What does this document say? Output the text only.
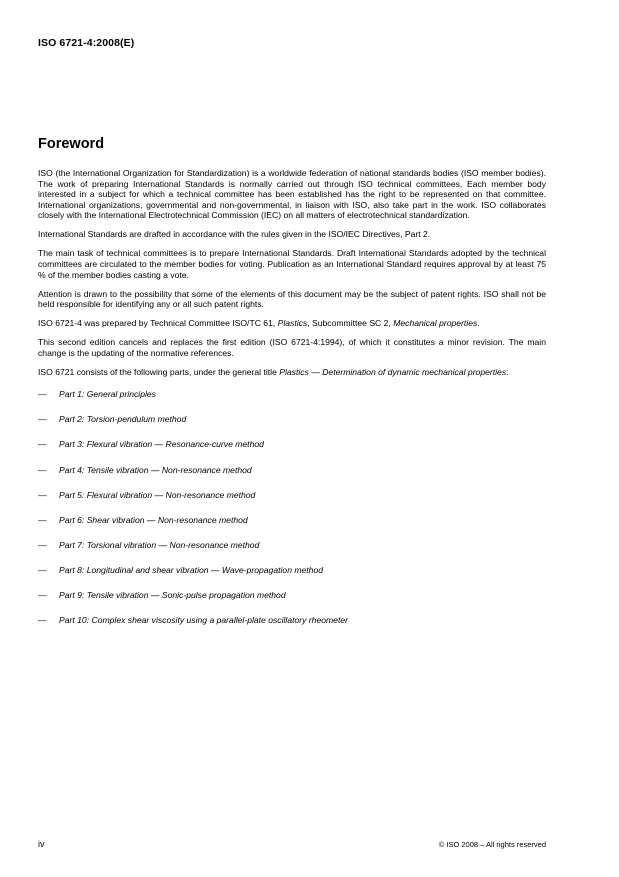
ISO 6721-4:2008(E)
Foreword

ISO (the International Organization for Standardization) is a worldwide federation of national standards bodies (ISO member bodies). The work of preparing International Standards is normally carried out through ISO technical committees. Each member body interested in a subject for which a technical committee has been established has the right to be represented on that committee. International organizations, governmental and non-governmental, in liaison with ISO, also take part in the work. ISO collaborates closely with the International Electrotechnical Commission (IEC) on all matters of electrotechnical standardization.

International Standards are drafted in accordance with the rules given in the ISO/IEC Directives, Part 2.

The main task of technical committees is to prepare International Standards. Draft International Standards adopted by the technical committees are circulated to the member bodies for voting. Publication as an International Standard requires approval by at least 75 % of the member bodies casting a vote.

Attention is drawn to the possibility that some of the elements of this document may be the subject of patent rights. ISO shall not be held responsible for identifying any or all such patent rights.

ISO 6721-4 was prepared by Technical Committee ISO/TC 61, Plastics, Subcommittee SC 2, Mechanical properties.

This second edition cancels and replaces the first edition (ISO 6721-4:1994), of which it constitutes a minor revision. The main change is the updating of the normative references.

ISO 6721 consists of the following parts, under the general title Plastics — Determination of dynamic mechanical properties:

— Part 1: General principles
— Part 2: Torsion-pendulum method
— Part 3: Flexural vibration — Resonance-curve method
— Part 4: Tensile vibration — Non-resonance method
— Part 5: Flexural vibration — Non-resonance method
— Part 6: Shear vibration — Non-resonance method
— Part 7: Torsional vibration — Non-resonance method
— Part 8: Longitudinal and shear vibration — Wave-propagation method
— Part 9: Tensile vibration — Sonic-pulse propagation method
— Part 10: Complex shear viscosity using a parallel-plate oscillatory rheometer
iv	© ISO 2008 – All rights reserved
